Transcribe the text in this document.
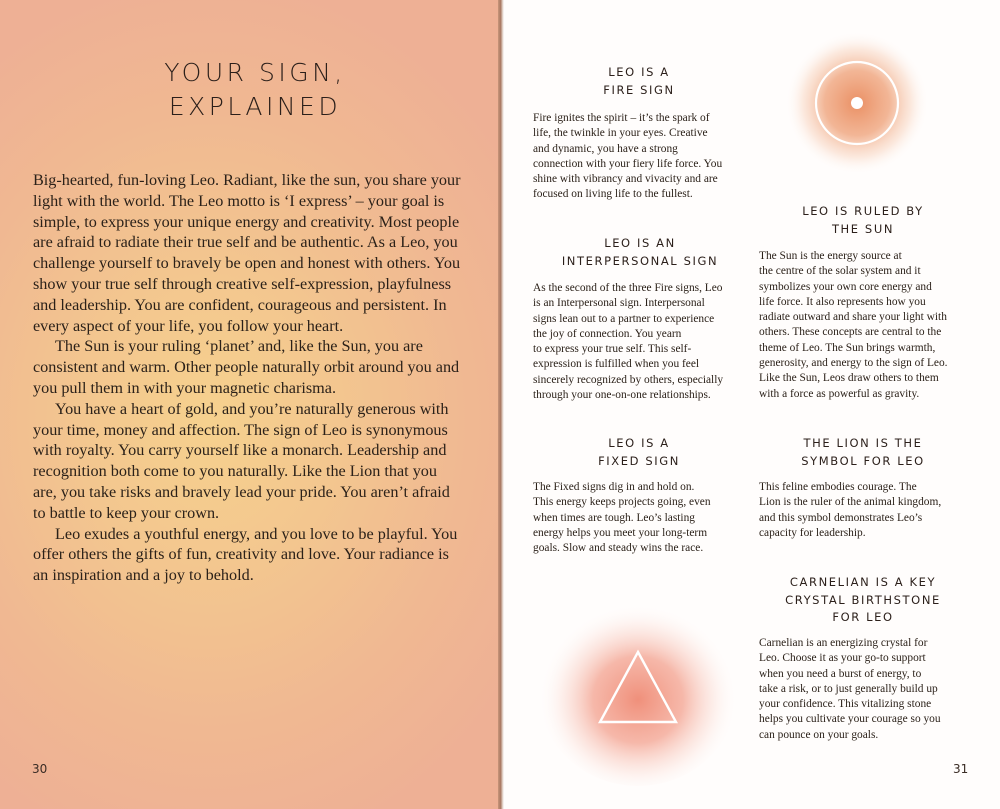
YOUR SIGN,
EXPLAINED

Big-hearted, fun-loving Leo. Radiant, like the sun, you share your light with the world. The Leo motto is ‘I express’ – your goal is simple, to express your unique energy and creativity. Most people are afraid to radiate their true self and be authentic. As a Leo, you challenge yourself to bravely be open and honest with others. You show your true self through creative self-expression, playfulness and leadership. You are confident, courageous and persistent. In every aspect of your life, you follow your heart.

The Sun is your ruling ‘planet’ and, like the Sun, you are consistent and warm. Other people naturally orbit around you and you pull them in with your magnetic charisma.

You have a heart of gold, and you’re naturally generous with your time, money and affection. The sign of Leo is synonymous with royalty. You carry yourself like a monarch. Leadership and recognition both come to you naturally. Like the Lion that you are, you take risks and bravely lead your pride. You aren’t afraid to battle to keep your crown.

Leo exudes a youthful energy, and you love to be playful. You offer others the gifts of fun, creativity and love. Your radiance is an inspiration and a joy to behold.

LEO IS A
FIRE SIGN
Fire ignites the spirit – it’s the spark of
life, the twinkle in your eyes. Creative
and dynamic, you have a strong
connection with your fiery life force. You
shine with vibrancy and vivacity and are
focused on living life to the fullest.
LEO IS RULED BY
THE SUN
The Sun is the energy source at
the centre of the solar system and it
symbolizes your own core energy and
life force. It also represents how you
radiate outward and share your light with
others. These concepts are central to the
theme of Leo. The Sun brings warmth,
generosity, and energy to the sign of Leo.
Like the Sun, Leos draw others to them
with a force as powerful as gravity.
LEO IS AN
INTERPERSONAL SIGN
As the second of the three Fire signs, Leo
is an Interpersonal sign. Interpersonal
signs lean out to a partner to experience
the joy of connection. You yearn
to express your true self. This self-
expression is fulfilled when you feel
sincerely recognized by others, especially
through your one-on-one relationships.
LEO IS A
FIXED SIGN
The Fixed signs dig in and hold on.
This energy keeps projects going, even
when times are tough. Leo’s lasting
energy helps you meet your long-term
goals. Slow and steady wins the race.
THE LION IS THE
SYMBOL FOR LEO
This feline embodies courage. The
Lion is the ruler of the animal kingdom,
and this symbol demonstrates Leo’s
capacity for leadership.
CARNELIAN IS A KEY
CRYSTAL BIRTHSTONE
FOR LEO
Carnelian is an energizing crystal for
Leo. Choose it as your go-to support
when you need a burst of energy, to
take a risk, or to just generally build up
your confidence. This vitalizing stone
helps you cultivate your courage so you
can pounce on your goals.
30	31
